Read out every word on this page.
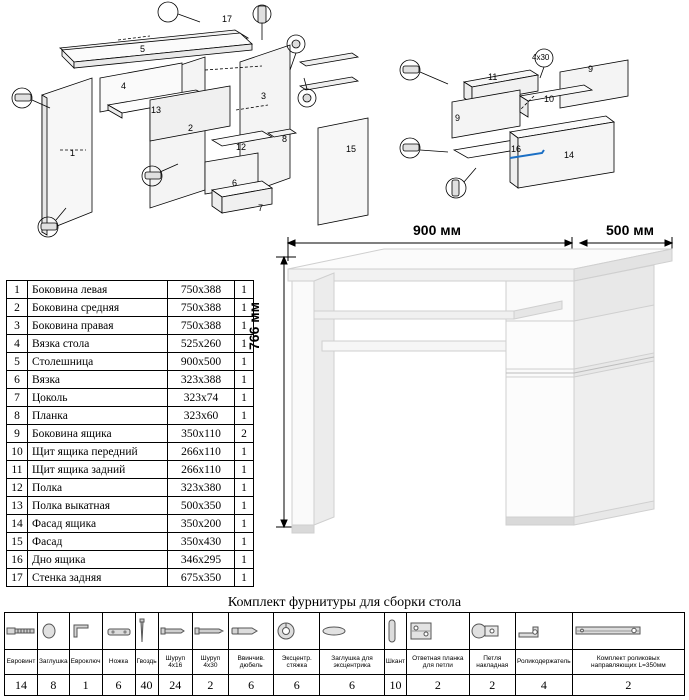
17
5
4
13
1
2
3
12
6
7
8
15
11
9
9
10
16
14
4х30
1	Боковина левая	750x388	1
2	Боковина средняя	750x388	1
3	Боковина правая	750x388	1
4	Вязка стола	525x260	1
5	Столешница	900x500	1
6	Вязка	323x388	1
7	Цоколь	323x74	1
8	Планка	323x60	1
9	Боковина ящика	350x110	2
10	Щит ящика передний	266x110	1
11	Щит ящика задний	266x110	1
12	Полка	323x380	1
13	Полка выкатная	500x350	1
14	Фасад ящика	350x200	1
15	Фасад	350x430	1
16	Дно ящика	346x295	1
17	Стенка задняя	675x350	1
900 мм	500 мм
766 мм
Комплект фурнитуры для сборки стола

Евровинт	Заглушка	Евроключ	Ножка	Гвоздь	Шуруп 4х16	Шуруп 4х30	Ввинчив. дюбель	Эксцентр. стяжка	Заглушка для эксцентрика	Шкант	Ответная планка для петли	Петля накладная	Роликодержатель	Комплект роликовых направляющих L=350мм
14	8	1	6	40	24	2	6	6	6	10	2	2	4	2
